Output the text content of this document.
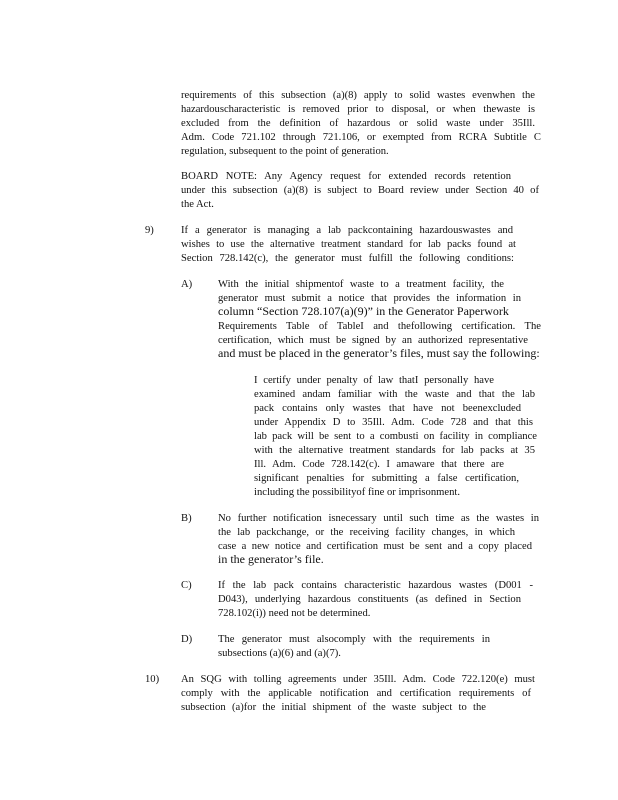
requirements of this subsection (a)(8) apply to solid wastes evenwhen the
hazardouscharacteristic is removed prior to disposal, or when thewaste is
excluded from the definition of hazardous or solid waste under 35Ill.
Adm. Code 721.102 through 721.106, or exempted from RCRA Subtitle C
regulation, subsequent to the point of generation.
BOARD NOTE: Any Agency request for extended records retention
under this subsection (a)(8) is subject to Board review under Section 40 of
the Act.
9)	If a generator is managing a lab packcontaining hazardouswastes and
wishes to use the alternative treatment standard for lab packs found at
Section 728.142(c), the generator must fulfill the following conditions:
A) With the initial shipmentof waste to a treatment facility, the
generator must submit a notice that provides the information in
column “Section 728.107(a)(9)” in the Generator Paperwork
Requirements Table of TableI and thefollowing certification. The
certification, which must be signed by an authorized representative
and must be placed in the generator’s files, must say the following:
I certify under penalty of law thatI personally have
examined andam familiar with the waste and that the lab
pack contains only wastes that have not beenexcluded
under Appendix D to 35Ill. Adm. Code 728 and that this
lab pack will be sent to a combusti on facility in compliance
with the alternative treatment standards for lab packs at 35
Ill. Adm. Code 728.142(c). I amaware that there are
significant penalties for submitting a false certification,
including the possibilityof fine or imprisonment.
B) No further notification isnecessary until such time as the wastes in
the lab packchange, or the receiving facility changes, in which
case a new notice and certification must be sent and a copy placed
in the generator’s file.
C) If the lab pack contains characteristic hazardous wastes (D001 -
D043), underlying hazardous constituents (as defined in Section
728.102(i)) need not be determined.
D) The generator must alsocomply with the requirements in
subsections (a)(6) and (a)(7).
10) An SQG with tolling agreements under 35Ill. Adm. Code 722.120(e) must
comply with the applicable notification and certification requirements of
subsection (a)for the initial shipment of the waste subject to the
